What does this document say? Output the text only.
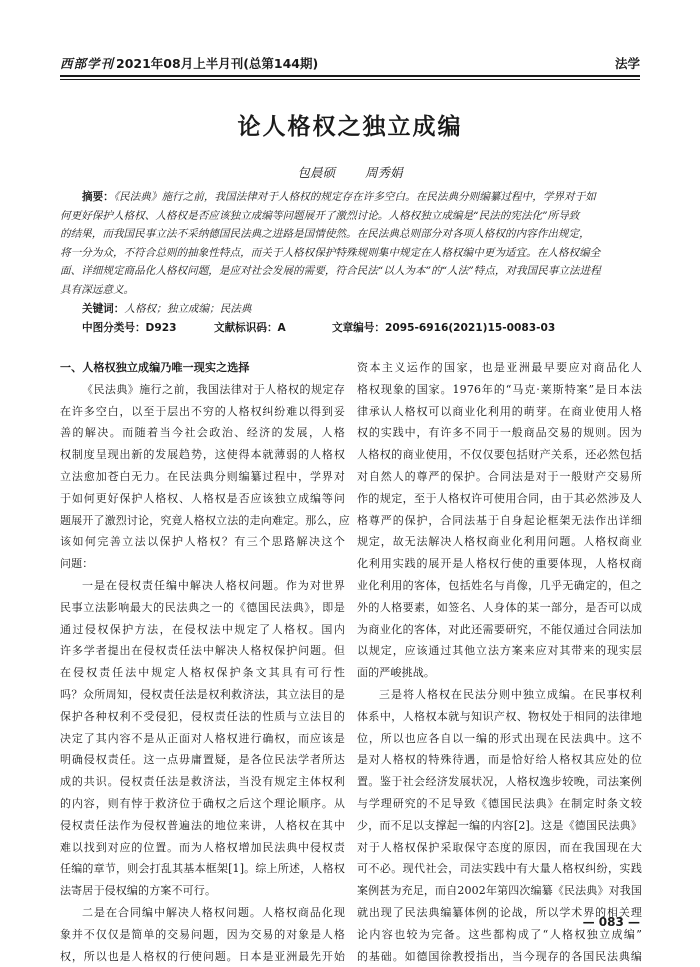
西部学刊 2021年08月上半月刊(总第144期)	法学
论人格权之独立成编
包晨硕 周秀娟
摘要：《民法典》施行之前，我国法律对于人格权的规定存在许多空白。在民法典分则编纂过程中，学界对于如
何更好保护人格权、人格权是否应该独立成编等问题展开了激烈讨论。人格权独立成编是“民法的宪法化”所导致
的结果，而我国民事立法不采纳德国民法典之进路是国情使然。在民法典总则部分对各项人格权的内容作出规定，
将一分为众，不符合总则的抽象性特点，而关于人格权保护特殊规则集中规定在人格权编中更为适宜。在人格权编全
面、详细规定商品化人格权问题，是应对社会发展的需要，符合民法“以人为本”的“人法”特点，对我国民事立法进程
具有深远意义。
关键词：人格权；独立成编；民法典
中图分类号：D923	文献标识码：A	文章编号：2095-6916(2021)15-0083-03
一、人格权独立成编乃唯一现实之选择
《民法典》施行之前，我国法律对于人格权的规定存
在许多空白，以至于层出不穷的人格权纠纷难以得到妥
善的解决。而随着当今社会政治、经济的发展，人格
权制度呈现出新的发展趋势，这使得本就薄弱的人格权
立法愈加苍白无力。在民法典分则编纂过程中，学界对
于如何更好保护人格权、人格权是否应该独立成编等问
题展开了激烈讨论，究竟人格权立法的走向难定。那么，应
该如何完善立法以保护人格权？有三个思路解决这个
问题：
一是在侵权责任编中解决人格权问题。作为对世界
民事立法影响最大的民法典之一的《德国民法典》，即是
通过侵权保护方法，在侵权法中规定了人格权。国内
许多学者提出在侵权责任法中解决人格权保护问题。但
在侵权责任法中规定人格权保护条文其具有可行性
吗？众所周知，侵权责任法是权利救济法，其立法目的是
保护各种权利不受侵犯，侵权责任法的性质与立法目的
决定了其内容不是从正面对人格权进行确权，而应该是
明确侵权责任。这一点毋庸置疑，是各位民法学者所达
成的共识。侵权责任法是救济法，当没有规定主体权利
的内容，则有悖于救济位于确权之后这个理论顺序。从
侵权责任法作为侵权普遍法的地位来讲，人格权在其中
难以找到对应的位置。而为人格权增加民法典中侵权责
任编的章节，则会打乱其基本框架[1]。综上所述，人格权
法寄居于侵权编的方案不可行。
二是在合同编中解决人格权问题。人格权商品化现
象并不仅仅是简单的交易问题，因为交易的对象是人格
权，所以也是人格权的行使问题。日本是亚洲最先开始
资本主义运作的国家，也是亚洲最早要应对商品化人
格权现象的国家。1976年的“马克·莱斯特案”是日本法
律承认人格权可以商业化利用的萌芽。在商业使用人格
权的实践中，有许多不同于一般商品交易的规则。因为
人格权的商业使用，不仅仅要包括财产关系，还必然包括
对自然人的尊严的保护。合同法是对于一般财产交易所
作的规定，至于人格权许可使用合同，由于其必然涉及人
格尊严的保护，合同法基于自身起论框架无法作出详细
规定，故无法解决人格权商业化利用问题。人格权商业
化利用实践的展开是人格权行使的重要体现，人格权商
业化利用的客体，包括姓名与肖像，几乎无确定的，但之
外的人格要素，如签名、人身体的某一部分，是否可以成
为商业化的客体，对此还需要研究，不能仅通过合同法加
以规定，应该通过其他立法方案来应对其带来的现实层
面的严峻挑战。
三是将人格权在民法分则中独立成编。在民事权利
体系中，人格权本就与知识产权、物权处于相同的法律地
位，所以也应各自以一编的形式出现在民法典中。这不
是对人格权的特殊待遇，而是恰好给人格权其应处的位
置。鉴于社会经济发展状况，人格权逸步较晚，司法案例
与学理研究的不足导致《德国民法典》在制定时条文较
少，而不足以支撑起一编的内容[2]。这是《德国民法典》
对于人格权保护采取保守态度的原因，而在我国现在大
可不必。现代社会，司法实践中有大量人格权纠纷，实践
案例甚为充足，而自2002年第四次编纂《民法典》对我国
就出现了民法典编纂体例的论战，所以学术界的相关理
论内容也较为完备。这些都构成了“人格权独立成编”
的基础。如德国徐教授指出，当今现存的各国民法典编
— 083 —
